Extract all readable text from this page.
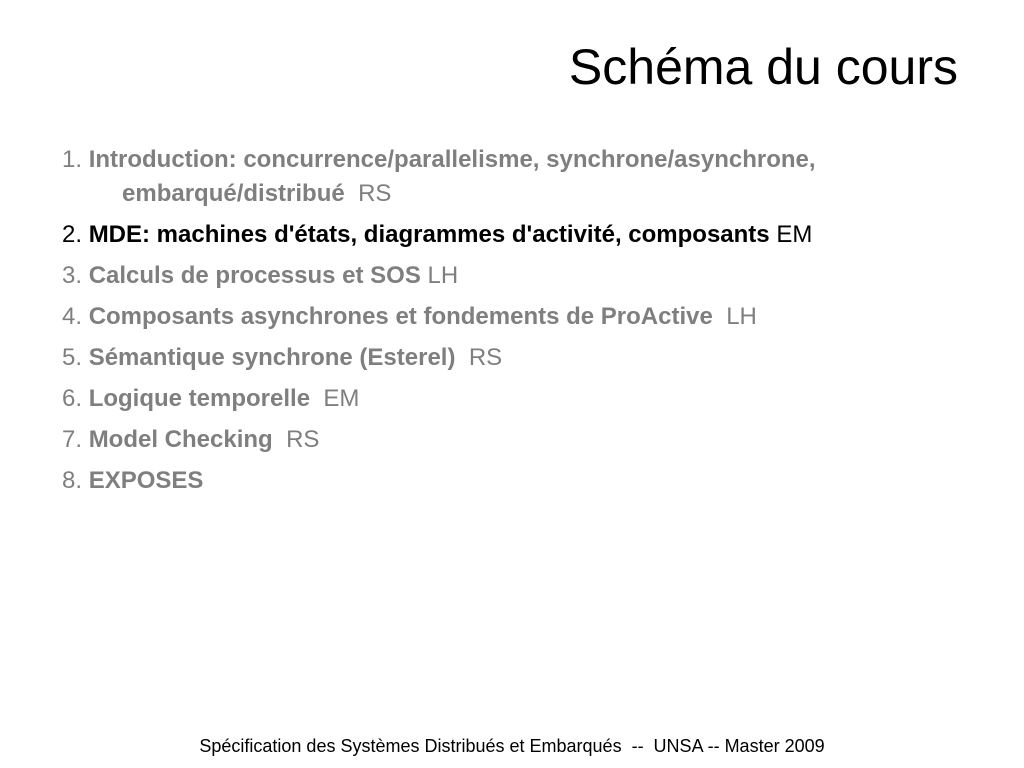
Schéma du cours
1. Introduction: concurrence/parallelisme, synchrone/asynchrone,
embarqué/distribué RS
2. MDE: machines d'états, diagrammes d'activité, composants EM
3. Calculs de processus et SOS LH
4. Composants asynchrones et fondements de ProActive LH
5. Sémantique synchrone (Esterel) RS
6. Logique temporelle EM
7. Model Checking RS
8. EXPOSES
Spécification des Systèmes Distribués et Embarqués  --  UNSA -- Master 2009
